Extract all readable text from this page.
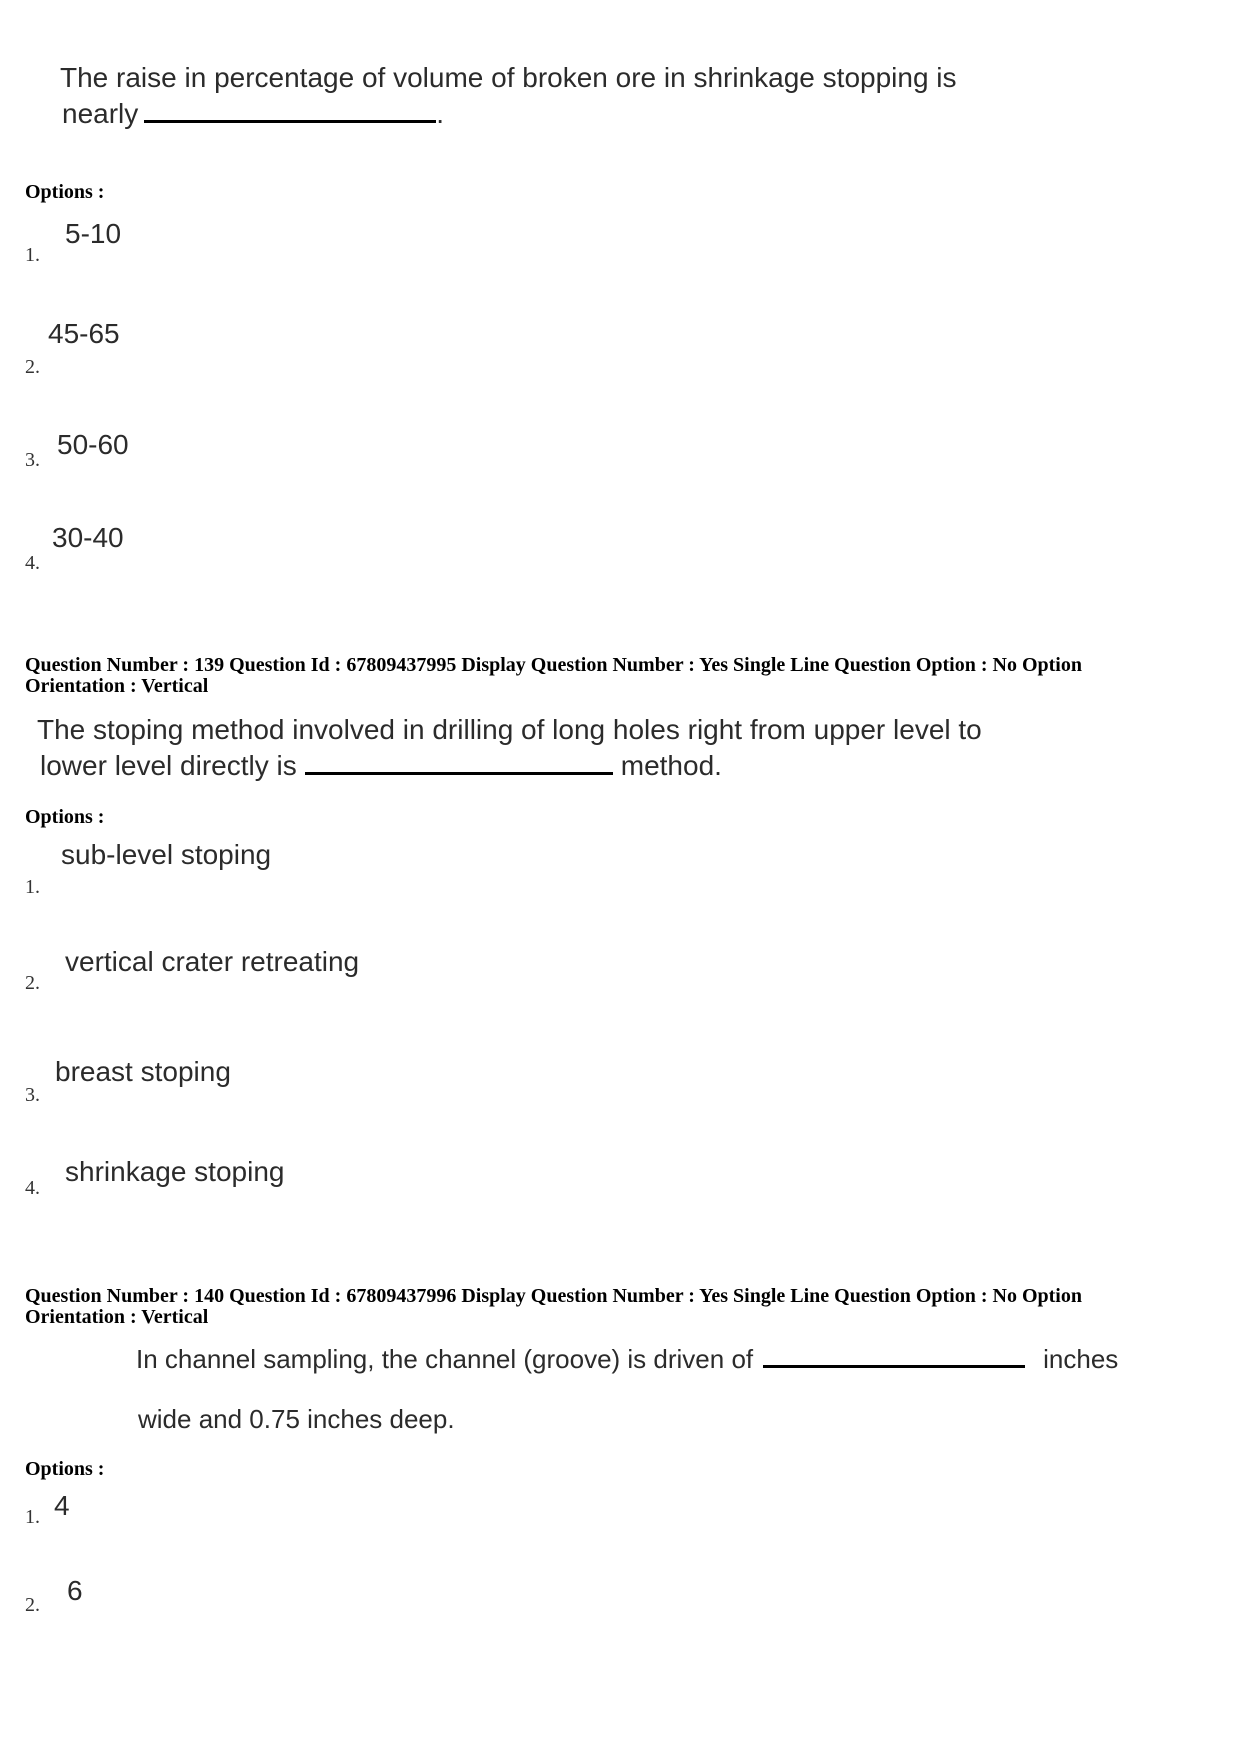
The raise in percentage of volume of broken ore in shrinkage stopping is
nearly	.
Options :
1.
5-10
2.
45-65
3. 50-60
4.
30-40
Question Number : 139 Question Id : 67809437995 Display Question Number : Yes Single Line Question Option : No Option
Orientation : Vertical
The stoping method involved in drilling of long holes right from upper level to
lower level directly is	method.
Options :
1.
sub-level stoping
2.
vertical crater retreating
3.
breast stoping
4.
shrinkage stoping
Question Number : 140 Question Id : 67809437996 Display Question Number : Yes Single Line Question Option : No Option
Orientation : Vertical
In channel sampling, the channel (groove) is driven of	inches
wide and 0.75 inches deep.
Options :
1. 4
2. 6
